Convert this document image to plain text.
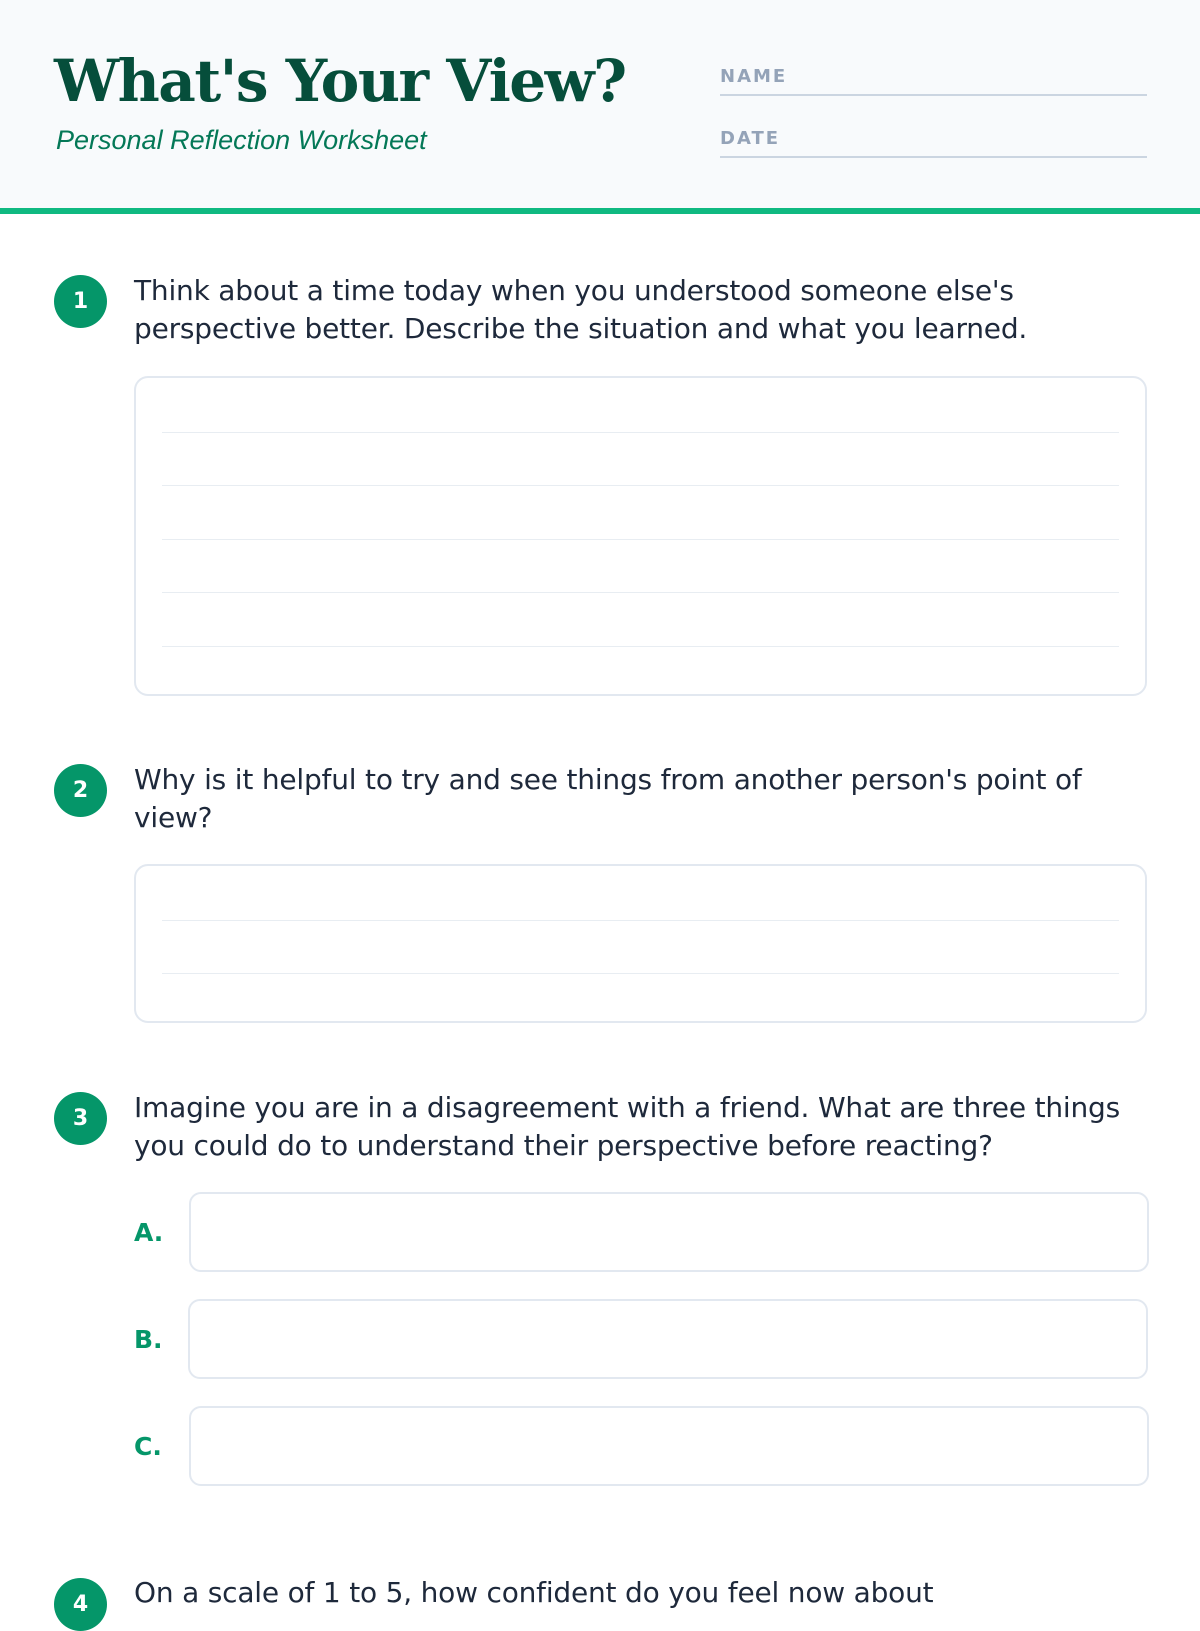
What's Your View?
Personal Reflection Worksheet
NAME
DATE
1	Think about a time today when you understood someone else's perspective better. Describe the situation and what you learned.

2	Why is it helpful to try and see things from another person's point of view?

3	Imagine you are in a disagreement with a friend. What are three things you could do to understand their perspective before reacting?

A.
B.
C.
4	On a scale of 1 to 5, how confident do you feel now about
